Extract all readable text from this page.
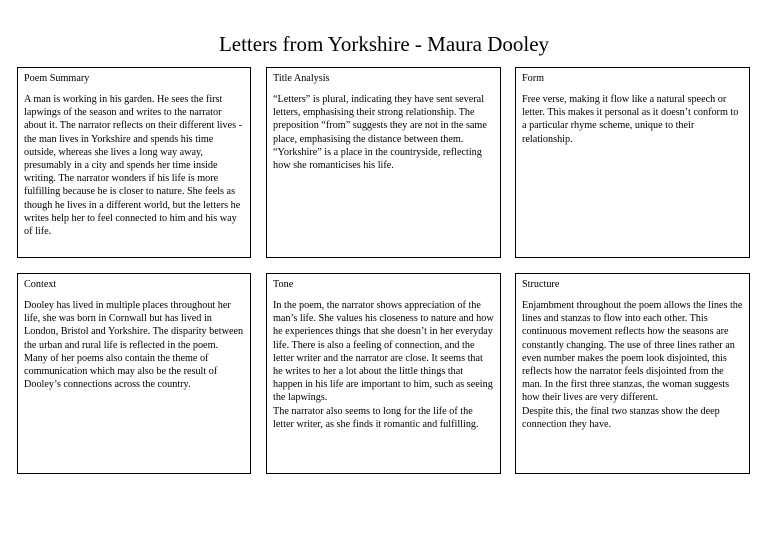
Letters from Yorkshire - Maura Dooley
Poem Summary
A man is working in his garden. He sees the first lapwings of the season and writes to the narrator about it. The narrator reflects on their different lives - the man lives in Yorkshire and spends his time outside, whereas she lives a long way away, presumably in a city and spends her time inside writing. The narrator wonders if his life is more fulfilling because he is closer to nature. She feels as though he lives in a different world, but the letters he writes help her to feel connected to him and his way of life.
Title Analysis
“Letters” is plural, indicating they have sent several letters, emphasising their strong relationship. The preposition “from” suggests they are not in the same place, emphasising the distance between them. “Yorkshire” is a place in the countryside, reflecting how she romanticises his life.
Form
Free verse, making it flow like a natural speech or letter. This makes it personal as it doesn’t conform to a particular rhyme scheme, unique to their relationship.
Context
Dooley has lived in multiple places throughout her life, she was born in Cornwall but has lived in London, Bristol and Yorkshire. The disparity between the urban and rural life is reflected in the poem. Many of her poems also contain the theme of communication which may also be the result of Dooley’s connections across the country.
Tone
In the poem, the narrator shows appreciation of the man’s life. She values his closeness to nature and how he experiences things that she doesn’t in her everyday life. There is also a feeling of connection, and the letter writer and the narrator are close. It seems that he writes to her a lot about the little things that happen in his life are important to him, such as seeing the lapwings.
The narrator also seems to long for the life of the letter writer, as she finds it romantic and fulfilling.
Structure
Enjambment throughout the poem allows the lines the lines and stanzas to flow into each other. This continuous movement reflects how the seasons are constantly changing. The use of three lines rather an even number makes the poem look disjointed, this reflects how the narrator feels disjointed from the man. In the first three stanzas, the woman suggests how their lives are very different.
Despite this, the final two stanzas show the deep connection they have.
